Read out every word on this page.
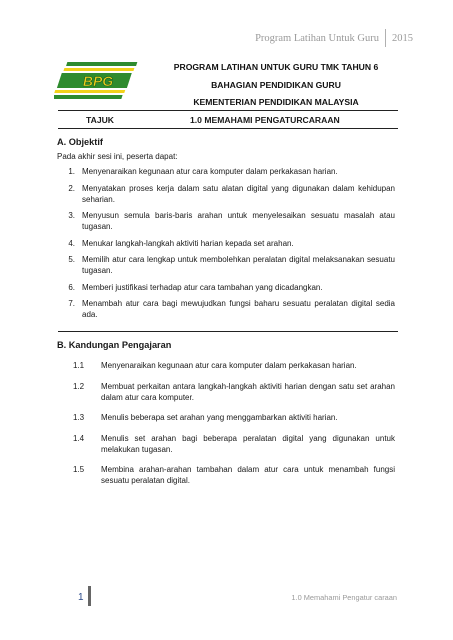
Program Latihan Untuk Guru 2015
BPG
PROGRAM LATIHAN UNTUK GURU TMK TAHUN 6
BAHAGIAN PENDIDIKAN GURU
KEMENTERIAN PENDIDIKAN MALAYSIA
TAJUK	1.0 MEMAHAMI PENGATURCARAAN
A. Objektif
Pada akhir sesi ini, peserta dapat:
1. Menyenaraikan kegunaan atur cara komputer dalam perkakasan harian.
2. Menyatakan proses kerja dalam satu alatan digital yang digunakan dalam kehidupan seharian.
3. Menyusun semula baris-baris arahan untuk menyelesaikan sesuatu masalah atau tugasan.
4. Menukar langkah-langkah aktiviti harian kepada set arahan.
5. Memilih atur cara lengkap untuk membolehkan peralatan digital melaksanakan sesuatu tugasan.
6. Memberi justifikasi terhadap atur cara tambahan yang dicadangkan.
7. Menambah atur cara bagi mewujudkan fungsi baharu sesuatu peralatan digital sedia ada.
B. Kandungan Pengajaran
1.1	Menyenaraikan kegunaan atur cara komputer dalam perkakasan harian.
1.2	Membuat perkaitan antara langkah-langkah aktiviti harian dengan satu set arahan dalam atur cara komputer.
1.3	Menulis beberapa set arahan yang menggambarkan aktiviti harian.
1.4	Menulis set arahan bagi beberapa peralatan digital yang digunakan untuk melakukan tugasan.
1.5	Membina arahan-arahan tambahan dalam atur cara untuk menambah fungsi sesuatu peralatan digital.
1	1.0 Memahami Pengatur caraan
